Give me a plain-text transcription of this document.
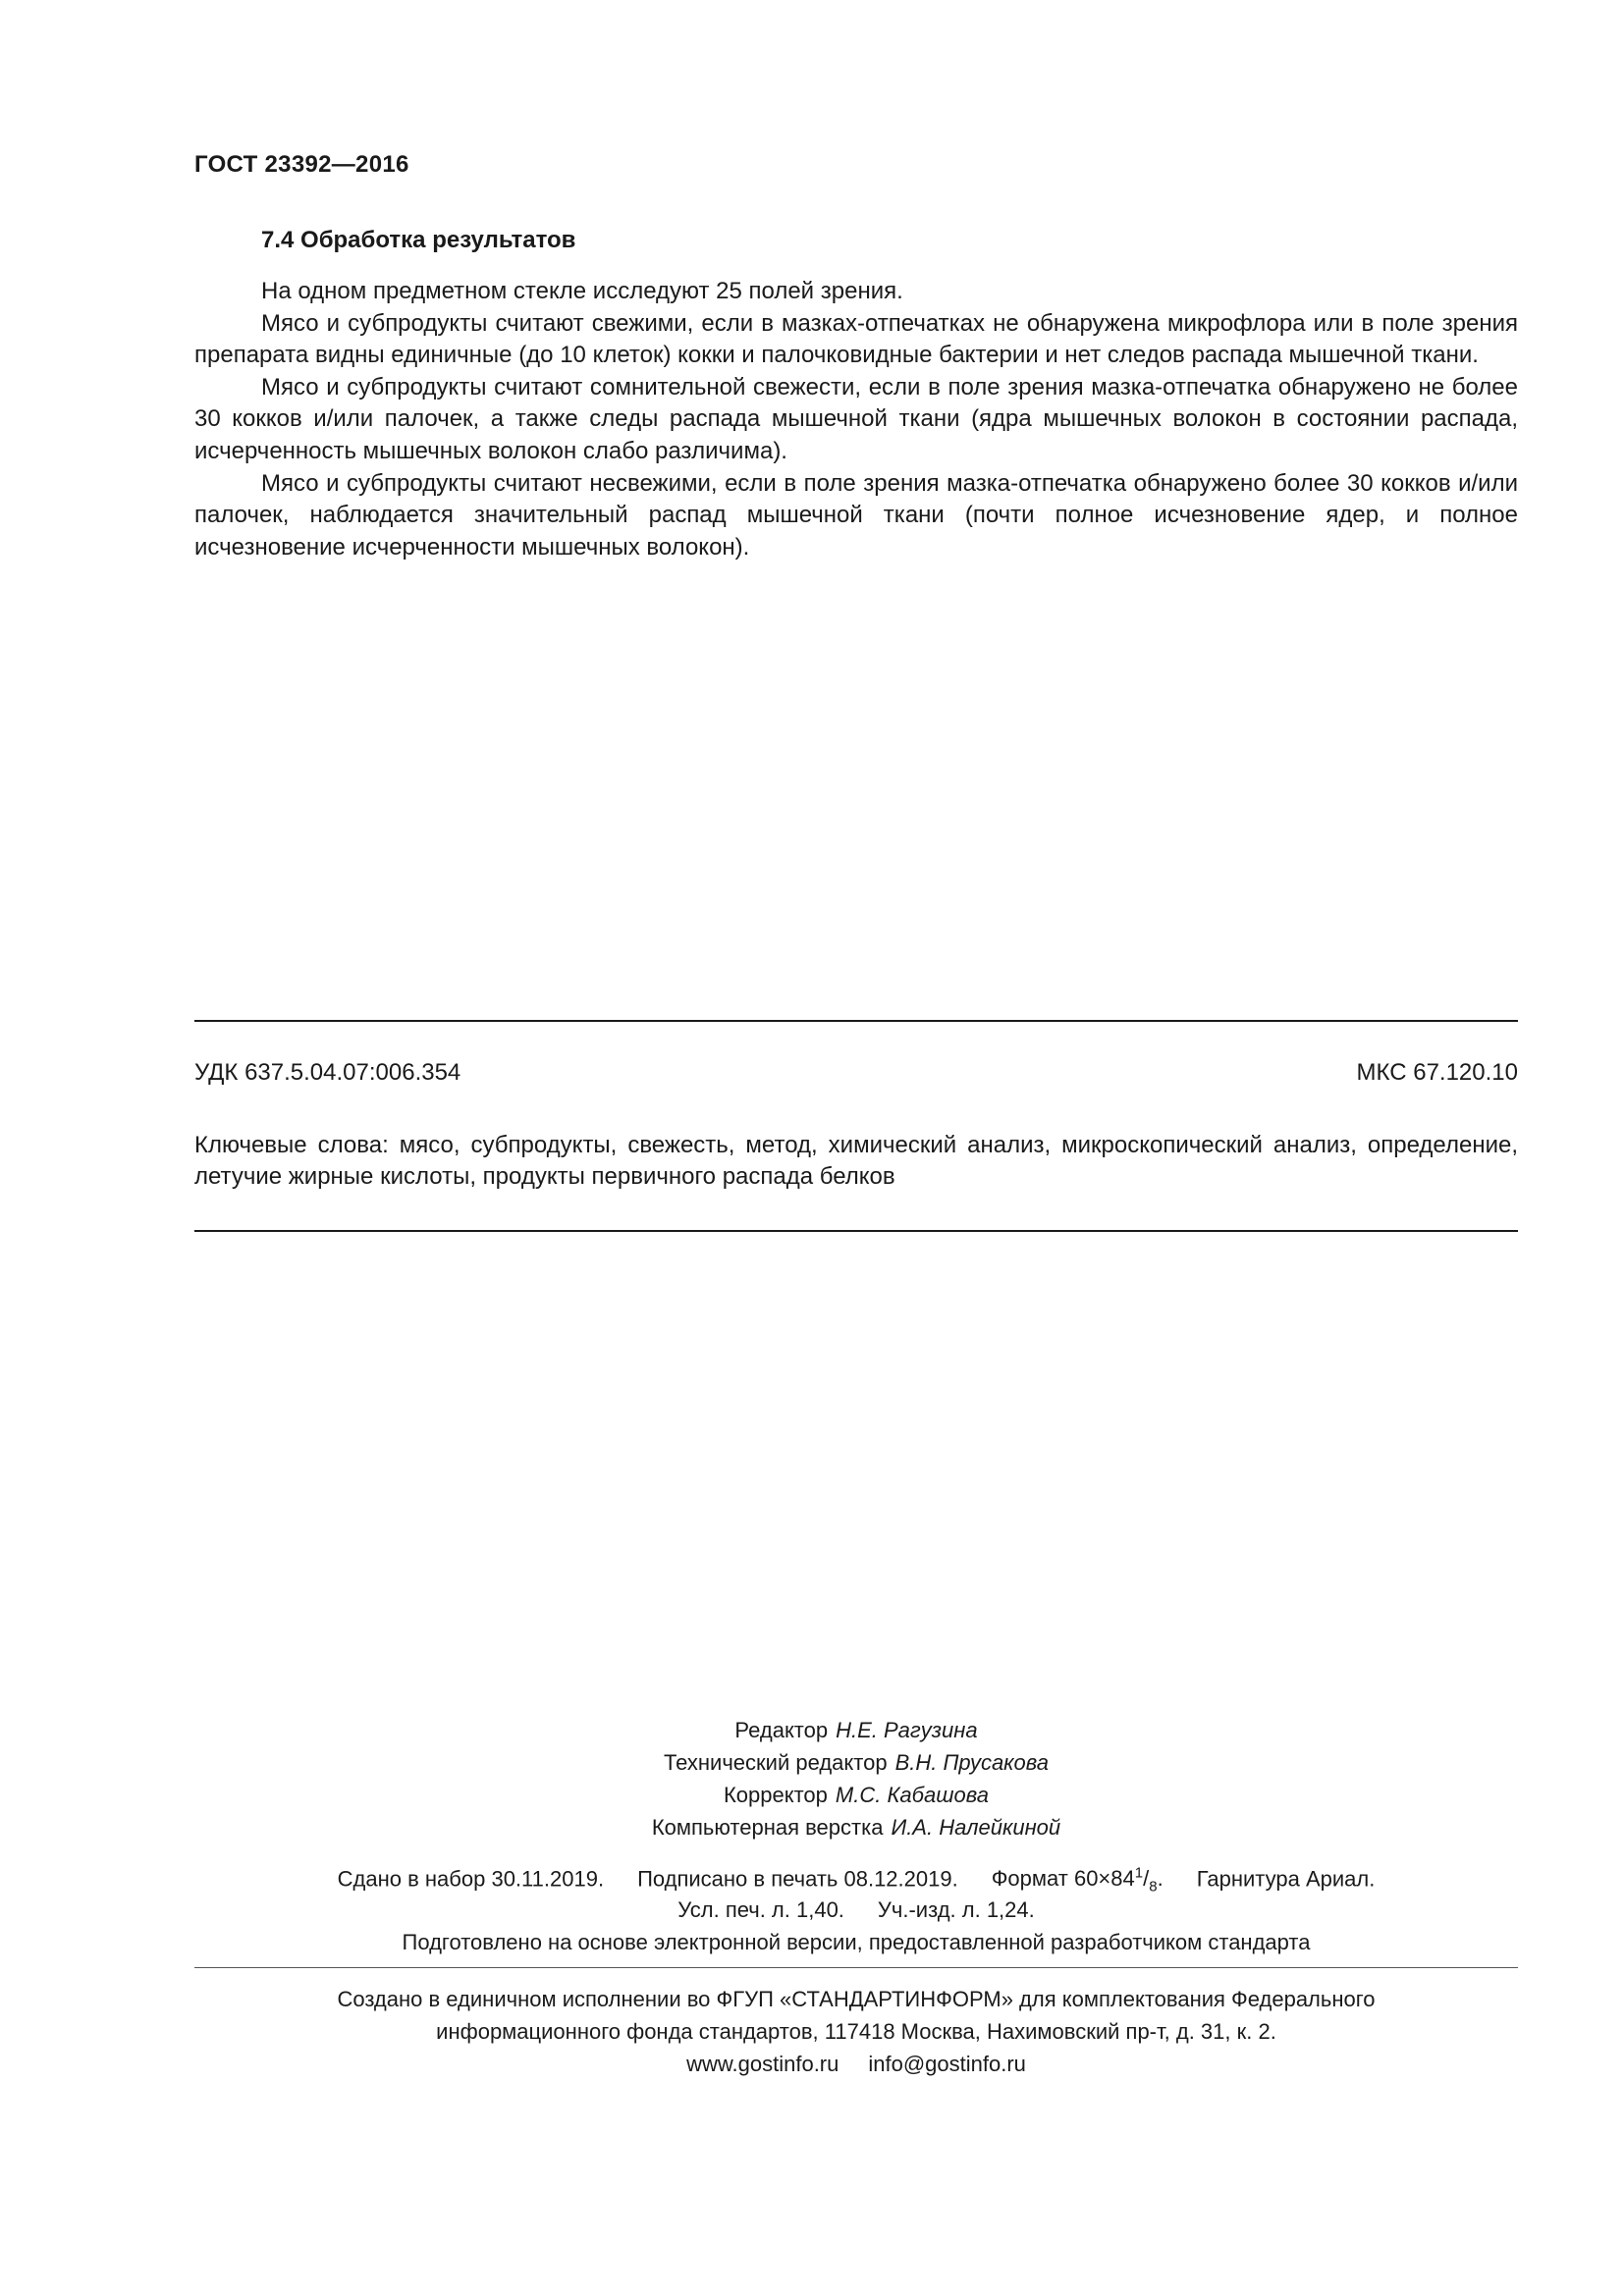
ГОСТ 23392—2016
7.4 Обработка результатов

На одном предметном стекле исследуют 25 полей зрения.

Мясо и субпродукты считают свежими, если в мазках-отпечатках не обнаружена микрофлора или в поле зрения препарата видны единичные (до 10 клеток) кокки и палочковидные бактерии и нет следов распада мышечной ткани.

Мясо и субпродукты считают сомнительной свежести, если в поле зрения мазка-отпечатка обнаружено не более 30 кокков и/или палочек, а также следы распада мышечной ткани (ядра мышечных волокон в состоянии распада, исчерченность мышечных волокон слабо различима).

Мясо и субпродукты считают несвежими, если в поле зрения мазка-отпечатка обнаружено более 30 кокков и/или палочек, наблюдается значительный распад мышечной ткани (почти полное исчезновение ядер, и полное исчезновение исчерченности мышечных волокон).

УДК 637.5.04.07:006.354	МКС 67.120.10
Ключевые слова: мясо, субпродукты, свежесть, метод, химический анализ, микроскопический анализ, определение, летучие жирные кислоты, продукты первичного распада белков
Редактор Н.Е. Рагузина
Технический редактор В.Н. Прусакова
Корректор М.С. Кабашова
Компьютерная верстка И.А. Налейкиной
Сдано в набор 30.11.2019. Подписано в печать 08.12.2019. Формат $60\times 84^1/_8$. Гарнитура Ариал.
Усл. печ. л. 1,40. Уч.-изд. л. 1,24.
Подготовлено на основе электронной версии, предоставленной разработчиком стандарта
Создано в единичном исполнении во ФГУП «СТАНДАРТИНФОРМ» для комплектования Федерального
информационного фонда стандартов, 117418 Москва, Нахимовский пр-т, д. 31, к. 2.
www.gostinfo.ru info@gostinfo.ru
